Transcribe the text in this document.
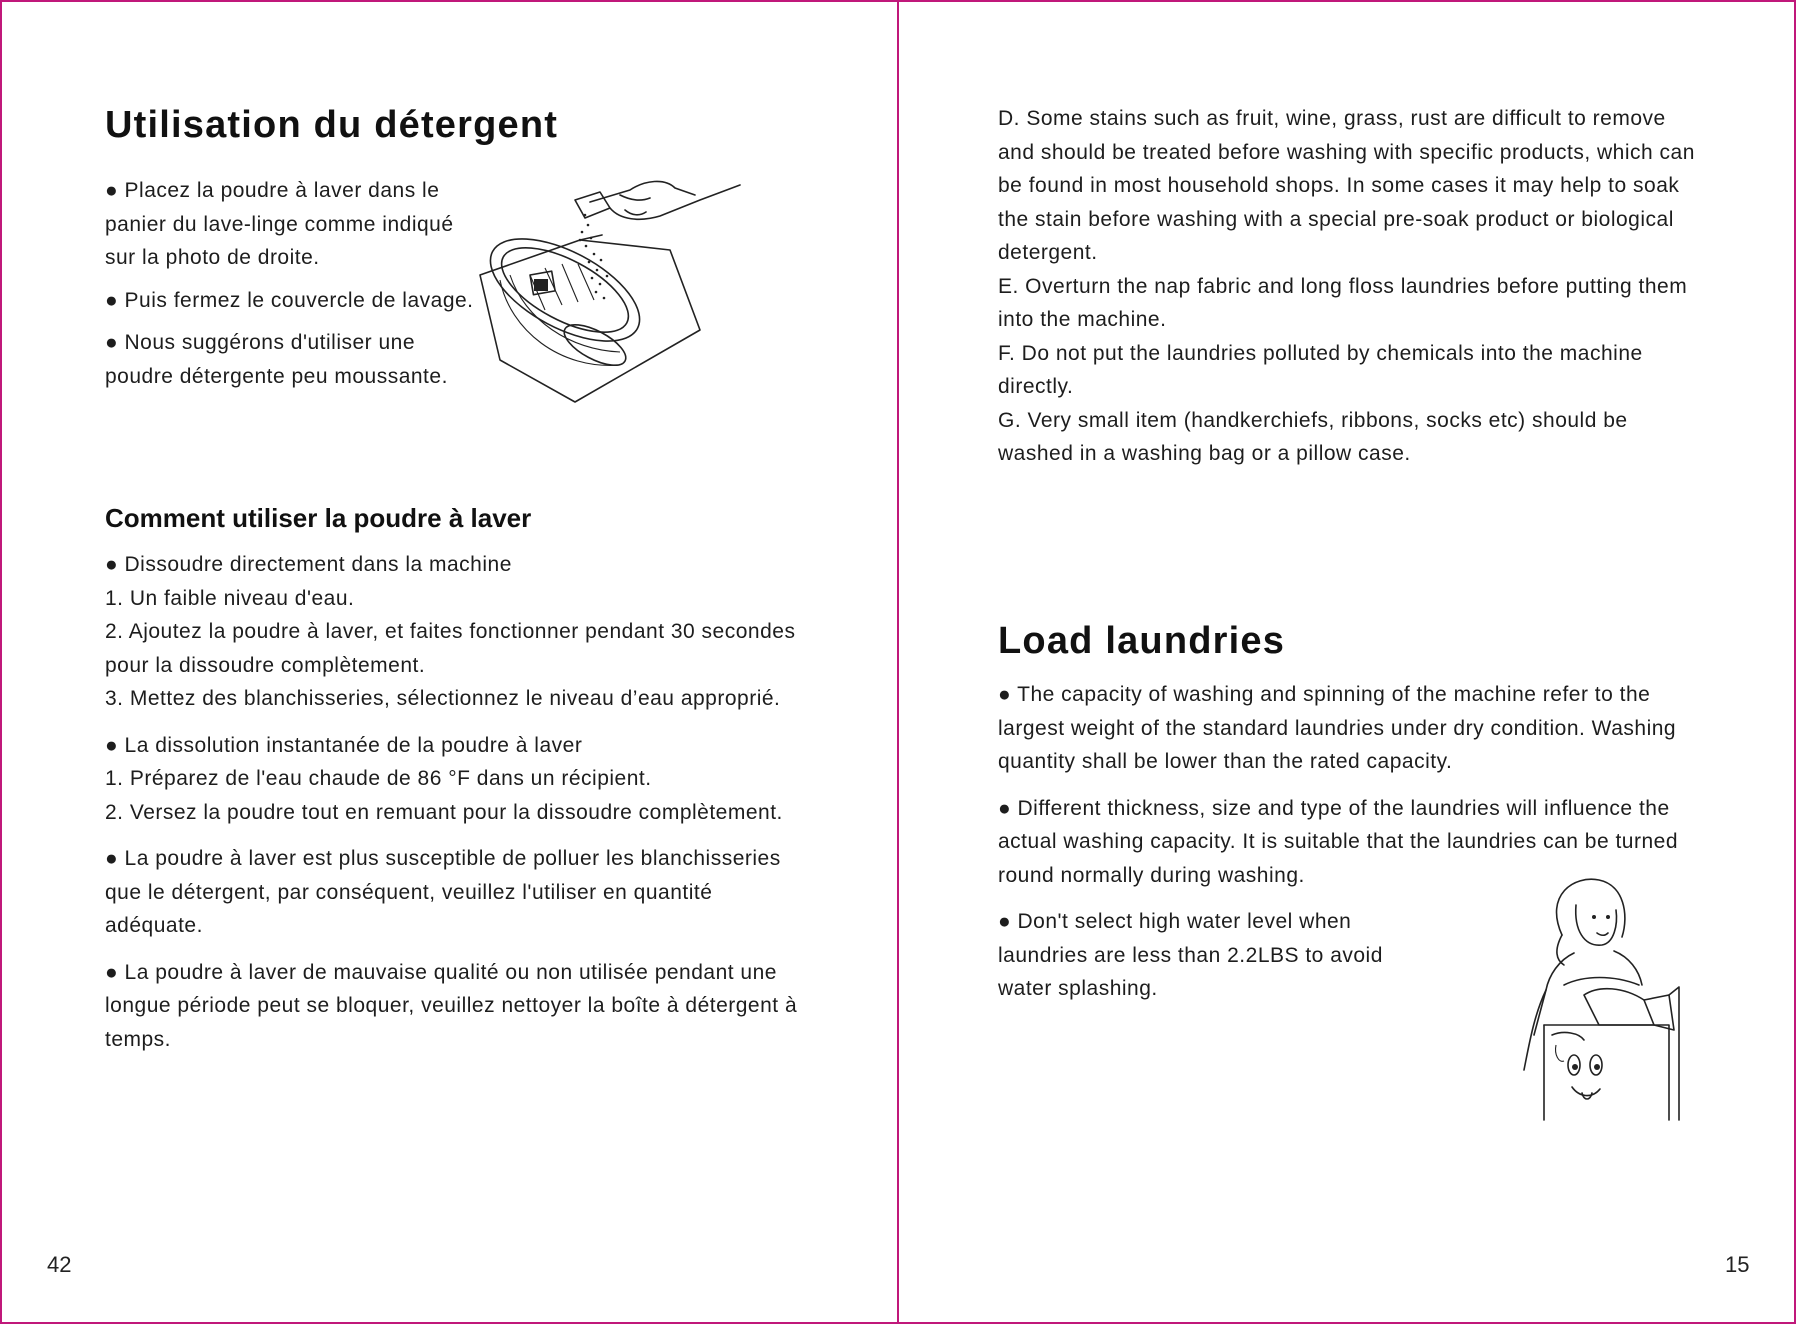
Utilisation du détergent

● Placez la poudre à laver dans le panier du lave-linge comme indiqué sur la photo de droite.

● Puis fermez le couvercle de lavage.

● Nous suggérons d'utiliser une poudre détergente peu moussante.

Comment utiliser la poudre à laver

● Dissoudre directement dans la machine

1. Un faible niveau d'eau.

2. Ajoutez la poudre à laver, et faites fonctionner pendant 30 secondes pour la dissoudre complètement.

3. Mettez des blanchisseries, sélectionnez le niveau d’eau approprié.

● La dissolution instantanée de la poudre à laver

1. Préparez de l'eau chaude de 86 °F dans un récipient.

2. Versez la poudre tout en remuant pour la dissoudre complètement.

● La poudre à laver est plus susceptible de polluer les blanchisseries que le détergent, par conséquent, veuillez l'utiliser en quantité adéquate.

● La poudre à laver de mauvaise qualité ou non utilisée pendant une longue période peut se bloquer, veuillez nettoyer la boîte à détergent à temps.

42

D. Some stains such as fruit, wine, grass, rust are difficult to remove and should be treated before washing with specific products, which can be found in most household shops. In some cases it may help to soak the stain before washing with a special pre-soak product or biological detergent.

E. Overturn the nap fabric and long floss laundries before putting them into the machine.

F. Do not put the laundries polluted by chemicals into the machine directly.

G. Very small item (handkerchiefs, ribbons, socks etc) should be washed in a washing bag or a pillow case.

Load laundries

● The capacity of washing and spinning of the machine refer to the largest weight of the standard laundries under dry condition. Washing quantity shall be lower than the rated capacity.

● Different thickness, size and type of the laundries will influence the actual washing capacity. It is suitable that the laundries can be turned round normally during washing.

● Don't select high water level when laundries are less than 2.2LBS to avoid water splashing.

15
